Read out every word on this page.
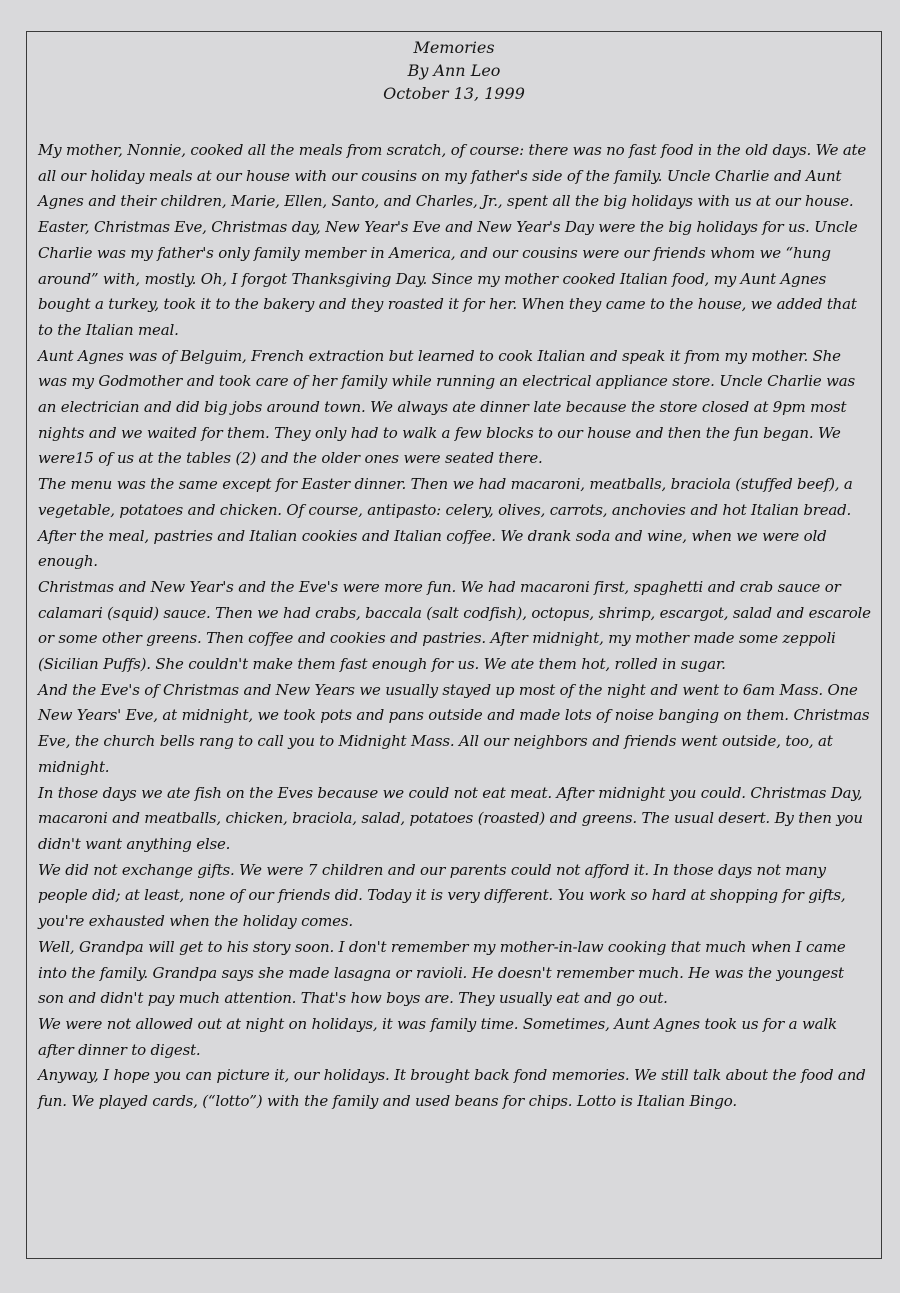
Memories
By Ann Leo
October 13, 1999

My mother, Nonnie, cooked all the meals from scratch, of course: there was no fast food in the old days. We ate all our holiday meals at our house with our cousins on my father's side of the family. Uncle Charlie and Aunt Agnes and their children, Marie, Ellen, Santo, and Charles, Jr., spent all the big holidays with us at our house. Easter, Christmas Eve, Christmas day, New Year's Eve and New Year's Day were the big holidays for us. Uncle Charlie was my father's only family member in America, and our cousins were our friends whom we “hung around” with, mostly. Oh, I forgot Thanksgiving Day. Since my mother cooked Italian food, my Aunt Agnes bought a turkey, took it to the bakery and they roasted it for her. When they came to the house, we added that to the Italian meal.

Aunt Agnes was of Belguim, French extraction but learned to cook Italian and speak it from my mother. She was my Godmother and took care of her family while running an electrical appliance store. Uncle Charlie was an electrician and did big jobs around town. We always ate dinner late because the store closed at 9pm most nights and we waited for them. They only had to walk a few blocks to our house and then the fun began. We were15 of us at the tables (2) and the older ones were seated there.

The menu was the same except for Easter dinner. Then we had macaroni, meatballs, braciola (stuffed beef), a vegetable, potatoes and chicken. Of course, antipasto: celery, olives, carrots, anchovies and hot Italian bread. After the meal, pastries and Italian cookies and Italian coffee. We drank soda and wine, when we were old enough.

Christmas and New Year's and the Eve's were more fun. We had macaroni first, spaghetti and crab sauce or calamari (squid) sauce. Then we had crabs, baccala (salt codfish), octopus, shrimp, escargot, salad and escarole or some other greens. Then coffee and cookies and pastries. After midnight, my mother made some zeppoli (Sicilian Puffs). She couldn't make them fast enough for us. We ate them hot, rolled in sugar.

And the Eve's of Christmas and New Years we usually stayed up most of the night and went to 6am Mass. One New Years' Eve, at midnight, we took pots and pans outside and made lots of noise banging on them. Christmas Eve, the church bells rang to call you to Midnight Mass. All our neighbors and friends went outside, too, at midnight.

In those days we ate fish on the Eves because we could not eat meat. After midnight you could. Christmas Day, macaroni and meatballs, chicken, braciola, salad, potatoes (roasted) and greens. The usual desert. By then you didn't want anything else.

We did not exchange gifts. We were 7 children and our parents could not afford it. In those days not many people did; at least, none of our friends did. Today it is very different. You work so hard at shopping for gifts, you're exhausted when the holiday comes.

Well, Grandpa will get to his story soon. I don't remember my mother-in-law cooking that much when I came into the family. Grandpa says she made lasagna or ravioli. He doesn't remember much. He was the youngest son and didn't pay much attention. That's how boys are. They usually eat and go out.

We were not allowed out at night on holidays, it was family time. Sometimes, Aunt Agnes took us for a walk after dinner to digest.

Anyway, I hope you can picture it, our holidays. It brought back fond memories. We still talk about the food and fun. We played cards, (“lotto”) with the family and used beans for chips. Lotto is Italian Bingo.
